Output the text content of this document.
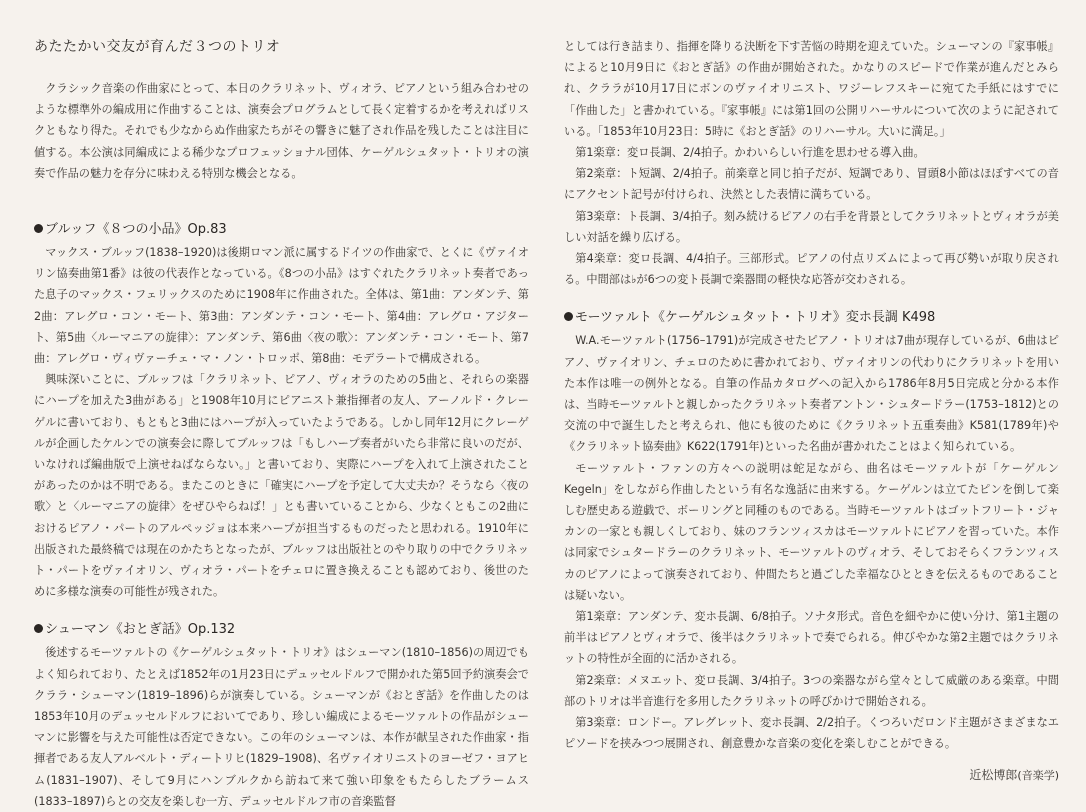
あたたかい交友が育んだ３つのトリオ

クラシック音楽の作曲家にとって、本日のクラリネット、ヴィオラ、ピアノという組み合わせのような標準外の編成用に作曲することは、演奏会プログラムとして長く定着するかを考えればリスクともなり得た。それでも少なからぬ作曲家たちがその響きに魅了され作品を残したことは注目に値する。本公演は同編成による稀少なプロフェッショナル団体、ケーゲルシュタット・トリオの演奏で作品の魅力を存分に味わえる特別な機会となる。

ブルッフ《８つの小品》Op.83

マックス・ブルッフ(1838–1920)は後期ロマン派に属するドイツの作曲家で、とくに《ヴァイオリン協奏曲第1番》は彼の代表作となっている。《8つの小品》はすぐれたクラリネット奏者であった息子のマックス・フェリックスのために1908年に作曲された。全体は、第1曲：アンダンテ、第2曲：アレグロ・コン・モート、第3曲：アンダンテ・コン・モート、第4曲：アレグロ・アジタート、第5曲〈ルーマニアの旋律〉：アンダンテ、第6曲〈夜の歌〉：アンダンテ・コン・モート、第7曲：アレグロ・ヴィヴァーチェ・マ・ノン・トロッポ、第8曲：モデラートで構成される。

興味深いことに、ブルッフは「クラリネット、ピアノ、ヴィオラのための5曲と、それらの楽器にハープを加えた3曲がある」と1908年10月にピアニスト兼指揮者の友人、アーノルド・クレーゲルに書いており、もともと3曲にはハープが入っていたようである。しかし同年12月にクレーゲルが企画したケルンでの演奏会に際してブルッフは「もしハープ奏者がいたら非常に良いのだが、いなければ編曲版で上演せねばならない。」と書いており、実際にハープを入れて上演されたことがあったのかは不明である。またこのときに「確実にハープを予定して大丈夫か？そうなら〈夜の歌〉と〈ルーマニアの旋律〉をぜひやらねば！」とも書いていることから、少なくともこの2曲におけるピアノ・パートのアルペッジョは本来ハープが担当するものだったと思われる。1910年に出版された最終稿では現在のかたちとなったが、ブルッフは出版社とのやり取りの中でクラリネット・パートをヴァイオリン、ヴィオラ・パートをチェロに置き換えることも認めており、後世のために多様な演奏の可能性が残された。

シューマン《おとぎ話》Op.132

後述するモーツァルトの《ケーゲルシュタット・トリオ》はシューマン(1810–1856)の周辺でもよく知られており、たとえば1852年の1月23日にデュッセルドルフで開かれた第5回予約演奏会でクララ・シューマン(1819–1896)らが演奏している。シューマンが《おとぎ話》を作曲したのは1853年10月のデュッセルドルフにおいてであり、珍しい編成によるモーツァルトの作品がシューマンに影響を与えた可能性は否定できない。この年のシューマンは、本作が献呈された作曲家・指揮者である友人アルベルト・ディートリヒ(1829–1908)、名ヴァイオリニストのヨーゼフ・ヨアヒム(1831–1907)、そして9月にハンブルクから訪ねて来て強い印象をもたらしたブラームス(1833–1897)らとの交友を楽しむ一方、デュッセルドルフ市の音楽監督

としては行き詰まり、指揮を降りる決断を下す苦悩の時期を迎えていた。シューマンの『家事帳』によると10月9日に《おとぎ話》の作曲が開始された。かなりのスピードで作業が進んだとみられ、クララが10月17日にボンのヴァイオリニスト、ワジーレフスキーに宛てた手紙にはすでに「作曲した」と書かれている。『家事帳』には第1回の公開リハーサルについて次のように記されている。「1853年10月23日：5時に《おとぎ話》のリハーサル。大いに満足。」

第1楽章：変ロ長調、2/4拍子。かわいらしい行進を思わせる導入曲。

第2楽章：ト短調、2/4拍子。前楽章と同じ拍子だが、短調であり、冒頭8小節はほぼすべての音にアクセント記号が付けられ、決然とした表情に満ちている。

第3楽章：ト長調、3/4拍子。刻み続けるピアノの右手を背景としてクラリネットとヴィオラが美しい対話を繰り広げる。

第4楽章：変ロ長調、4/4拍子。三部形式。ピアノの付点リズムによって再び勢いが取り戻される。中間部は♭が6つの変ト長調で楽器間の軽快な応答が交わされる。

モーツァルト《ケーゲルシュタット・トリオ》変ホ長調 K498

W.A.モーツァルト(1756–1791)が完成させたピアノ・トリオは7曲が現存しているが、6曲はピアノ、ヴァイオリン、チェロのために書かれており、ヴァイオリンの代わりにクラリネットを用いた本作は唯一の例外となる。自筆の作品カタログへの記入から1786年8月5日完成と分かる本作は、当時モーツァルトと親しかったクラリネット奏者アントン・シュタードラー(1753–1812)との交流の中で誕生したと考えられ、他にも彼のために《クラリネット五重奏曲》K581(1789年)や《クラリネット協奏曲》K622(1791年)といった名曲が書かれたことはよく知られている。

モーツァルト・ファンの方々への説明は蛇足ながら、曲名はモーツァルトが「ケーゲルン Kegeln」をしながら作曲したという有名な逸話に由来する。ケーゲルンは立てたピンを倒して楽しむ歴史ある遊戯で、ボーリングと同種のものである。当時モーツァルトはゴットフリート・ジャカンの一家とも親しくしており、妹のフランツィスカはモーツァルトにピアノを習っていた。本作は同家でシュタードラーのクラリネット、モーツァルトのヴィオラ、そしておそらくフランツィスカのピアノによって演奏されており、仲間たちと過ごした幸福なひとときを伝えるものであることは疑いない。

第1楽章：アンダンテ、変ホ長調、6/8拍子。ソナタ形式。音色を細やかに使い分け、第1主題の前半はピアノとヴィオラで、後半はクラリネットで奏でられる。伸びやかな第2主題ではクラリネットの特性が全面的に活かされる。

第2楽章：メヌエット、変ロ長調、3/4拍子。3つの楽器ながら堂々として威厳のある楽章。中間部のトリオは半音進行を多用したクラリネットの呼びかけで開始される。

第3楽章：ロンドー。アレグレット、変ホ長調、2/2拍子。くつろいだロンド主題がさまざまなエピソードを挟みつつ展開され、創意豊かな音楽の変化を楽しむことができる。

近松博郎(音楽学)
